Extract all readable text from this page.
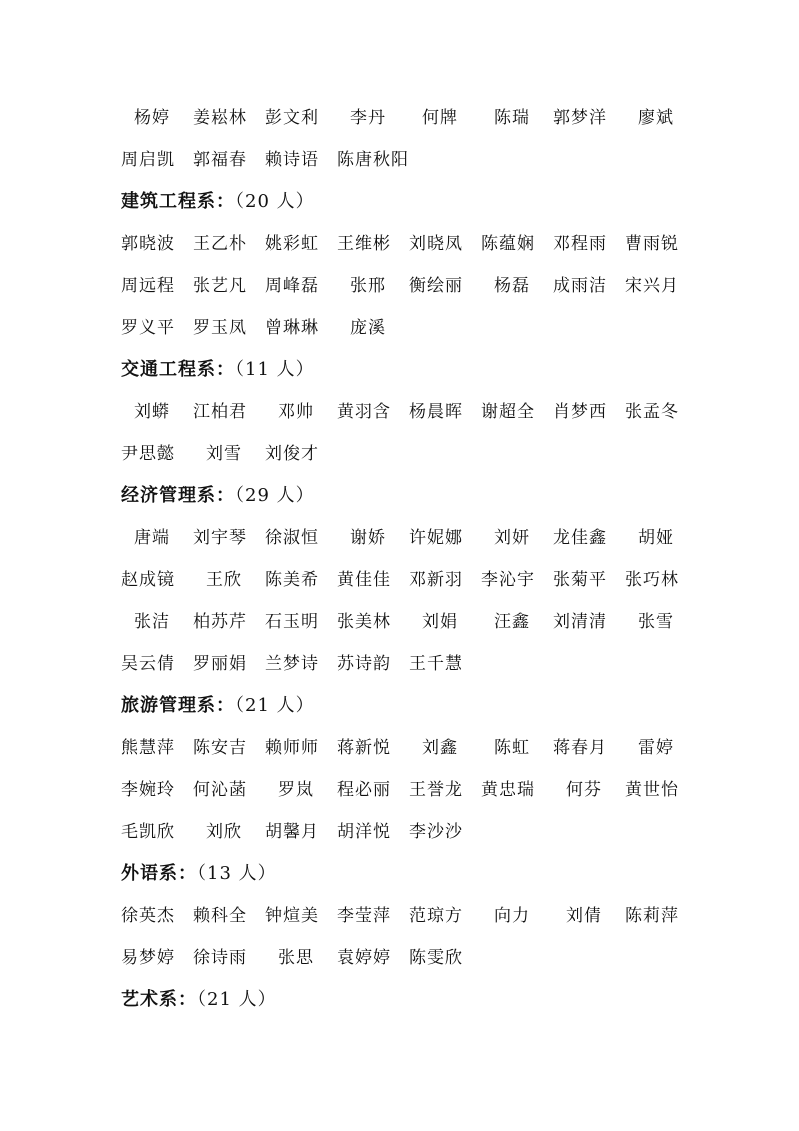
杨婷 姜崧林 彭文利 李丹 何牌 陈瑞 郭梦洋 廖斌
周启凯 郭福春 赖诗语 陈唐秋阳
建筑工程系：（20 人）
郭晓波 王乙朴 姚彩虹 王维彬 刘晓凤 陈蕴娴 邓程雨 曹雨锐
周远程 张艺凡 周峰磊 张邢 衡绘丽 杨磊 成雨洁 宋兴月
罗义平 罗玉凤 曾琳琳 庞溪
交通工程系：（11 人）
刘蟒 江柏君 邓帅 黄羽含 杨晨晖 谢超全 肖梦西 张孟冬
尹思懿 刘雪 刘俊才
经济管理系：（29 人）
唐端 刘宇琴 徐淑恒 谢娇 许妮娜 刘妍 龙佳鑫 胡娅
赵成镜 王欣 陈美希 黄佳佳 邓新羽 李沁宇 张菊平 张巧林
张洁 柏苏芹 石玉明 张美林 刘娟 汪鑫 刘清清 张雪
吴云倩 罗丽娟 兰梦诗 苏诗韵 王千慧
旅游管理系：（21 人）
熊慧萍 陈安吉 赖师师 蒋新悦 刘鑫 陈虹 蒋春月 雷婷
李婉玲 何沁菡 罗岚 程必丽 王誉龙 黄忠瑞 何芬 黄世怡
毛凯欣 刘欣 胡馨月 胡洋悦 李沙沙
外语系：（13 人）
徐英杰 赖科全 钟煊美 李莹萍 范琼方 向力 刘倩 陈莉萍
易梦婷 徐诗雨 张思 袁婷婷 陈雯欣
艺术系：（21 人）
